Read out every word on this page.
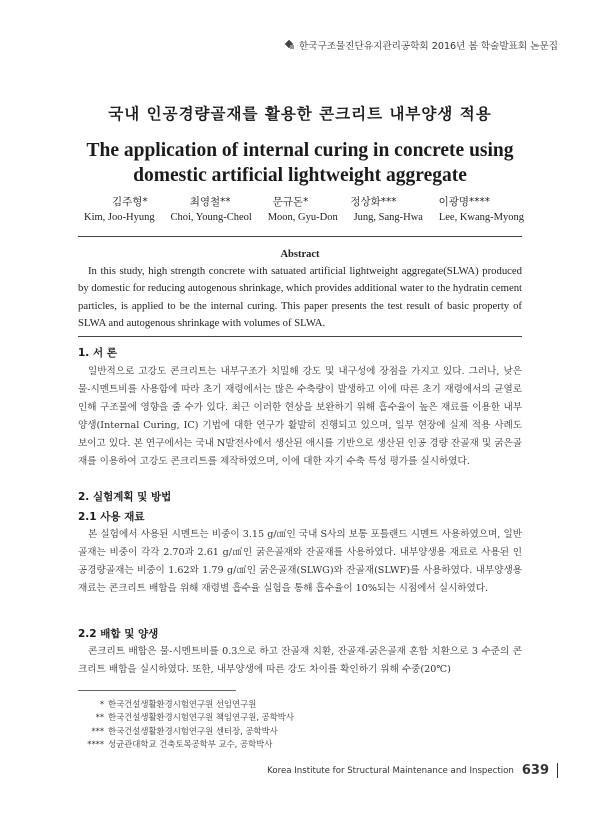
한국구조물진단유지관리공학회 2016년 봄 학술발표회 논문집
국내 인공경량골재를 활용한 콘크리트 내부양생 적용
The application of internal curing in concrete using domestic artificial lightweight aggregate
김주형*	최영철**	문규돈*	정상화***	이광명****
Kim, Joo-Hyung Choi, Young-Cheol Moon, Gyu-Don Jung, Sang-Hwa Lee, Kwang-Myong
Abstract

In this study, high strength concrete with satuated artificial lightweight aggregate(SLWA) produced by domestic for reducing autogenous shrinkage, which provides additional water to the hydratin cement particles, is applied to be the internal curing. This paper presents the test result of basic property of SLWA and autogenous shrinkage with volumes of SLWA.

1. 서 론

일반적으로 고강도 콘크리트는 내부구조가 치밀해 강도 및 내구성에 장점을 가지고 있다. 그러나, 낮은 물-시멘트비를 사용함에 따라 초기 재령에서는 많은 수축량이 발생하고 이에 따른 초기 재령에서의 균열로 인해 구조물에 영향을 줄 수가 있다. 최근 이러한 현상을 보완하기 위해 흡수율이 높은 재료를 이용한 내부양생(Internal Curing, IC) 기법에 대한 연구가 활발히 진행되고 있으며, 일부 현장에 실제 적용 사례도 보이고 있다. 본 연구에서는 국내 N발전사에서 생산된 애시를 기반으로 생산된 인공 경량 잔골재 및 굵은골재를 이용하여 고강도 콘크리트를 제작하였으며, 이에 대한 자기 수축 특성 평가를 실시하였다.

2. 실험계획 및 방법
2.1 사용 재료

본 실험에서 사용된 시멘트는 비중이 3.15 g/㎤인 국내 S사의 보통 포틀랜드 시멘트 사용하였으며, 일반 골재는 비중이 각각 2.70과 2.61 g/㎤인 굵은골재와 잔골재를 사용하였다. 내부양생용 재료로 사용된 인공경량골재는 비중이 1.62와 1.79 g/㎤인 굵은골재(SLWG)와 잔골재(SLWF)를 사용하였다. 내부양생용 재료는 콘크리트 배합을 위해 재령별 흡수율 실험을 통해 흡수율이 10%되는 시점에서 실시하였다.

2.2 배합 및 양생

콘크리트 배합은 물-시멘트비를 0.3으로 하고 잔골재 치환, 잔골재-굵은골재 혼합 치환으로 3 수준의 콘크리트 배합을 실시하였다. 또한, 내부양생에 따른 강도 차이를 확인하기 위해 수중(20℃)

* 한국건설생활환경시험연구원 선임연구원
** 한국건설생활환경시험연구원 책임연구원, 공학박사
*** 한국건설생활환경시험연구원 센터장, 공학박사
**** 성균관대학교 건축토목공학부 교수, 공학박사
Korea Institute for Structural Maintenance and Inspection 639
